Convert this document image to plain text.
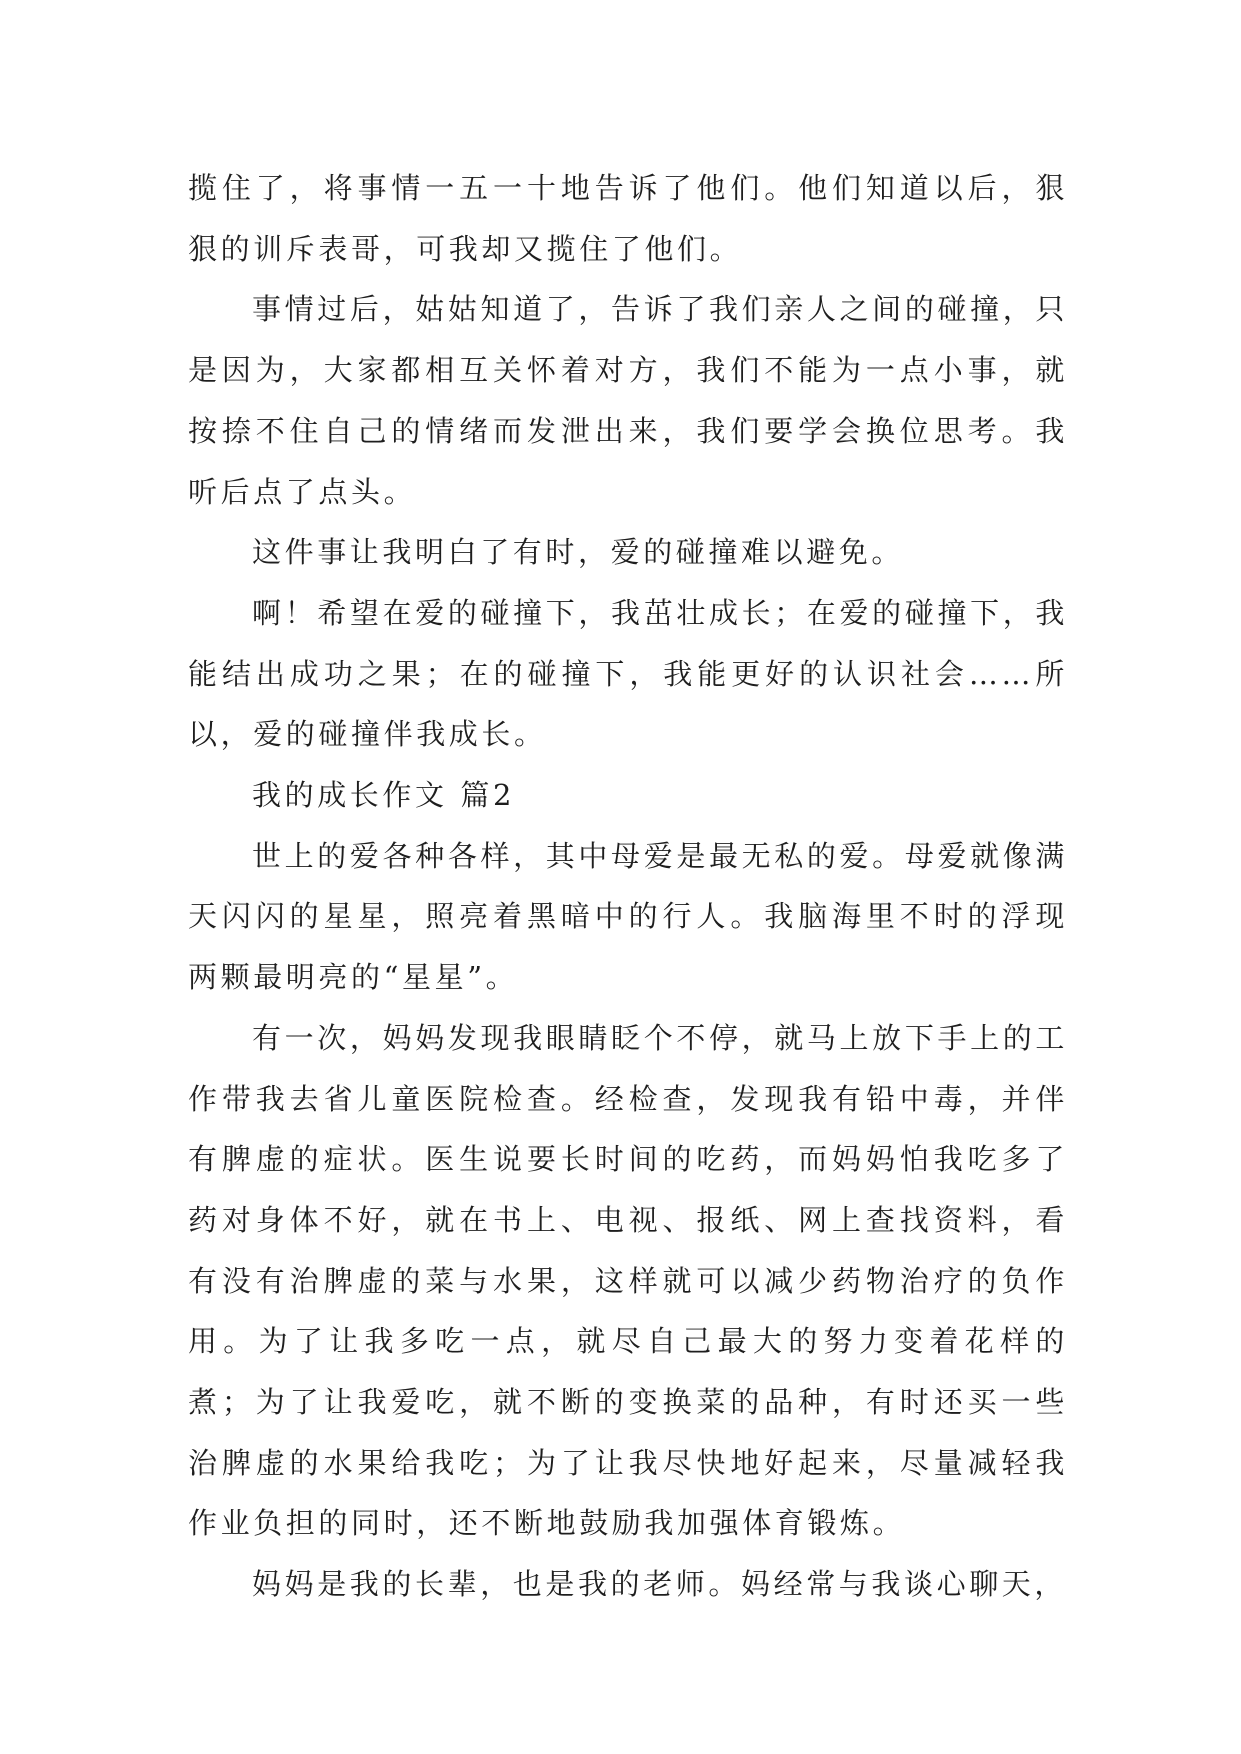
揽住了，将事情一五一十地告诉了他们。他们知道以后，狠狠的训斥表哥，可我却又揽住了他们。

事情过后，姑姑知道了，告诉了我们亲人之间的碰撞，只是因为，大家都相互关怀着对方，我们不能为一点小事，就按捺不住自己的情绪而发泄出来，我们要学会换位思考。我听后点了点头。

这件事让我明白了有时，爱的碰撞难以避免。

啊！希望在爱的碰撞下，我茁壮成长；在爱的碰撞下，我能结出成功之果；在的碰撞下，我能更好的认识社会……所以，爱的碰撞伴我成长。

我的成长作文 篇2

世上的爱各种各样，其中母爱是最无私的爱。母爱就像满天闪闪的星星，照亮着黑暗中的行人。我脑海里不时的浮现两颗最明亮的“星星”。

有一次，妈妈发现我眼睛眨个不停，就马上放下手上的工作带我去省儿童医院检查。经检查，发现我有铅中毒，并伴有脾虚的症状。医生说要长时间的吃药，而妈妈怕我吃多了药对身体不好，就在书上、电视、报纸、网上查找资料，看有没有治脾虚的菜与水果，这样就可以减少药物治疗的负作用。为了让我多吃一点，就尽自己最大的努力变着花样的煮；为了让我爱吃，就不断的变换菜的品种，有时还买一些治脾虚的水果给我吃；为了让我尽快地好起来，尽量减轻我作业负担的同时，还不断地鼓励我加强体育锻炼。

妈妈是我的长辈，也是我的老师。妈经常与我谈心聊天，
